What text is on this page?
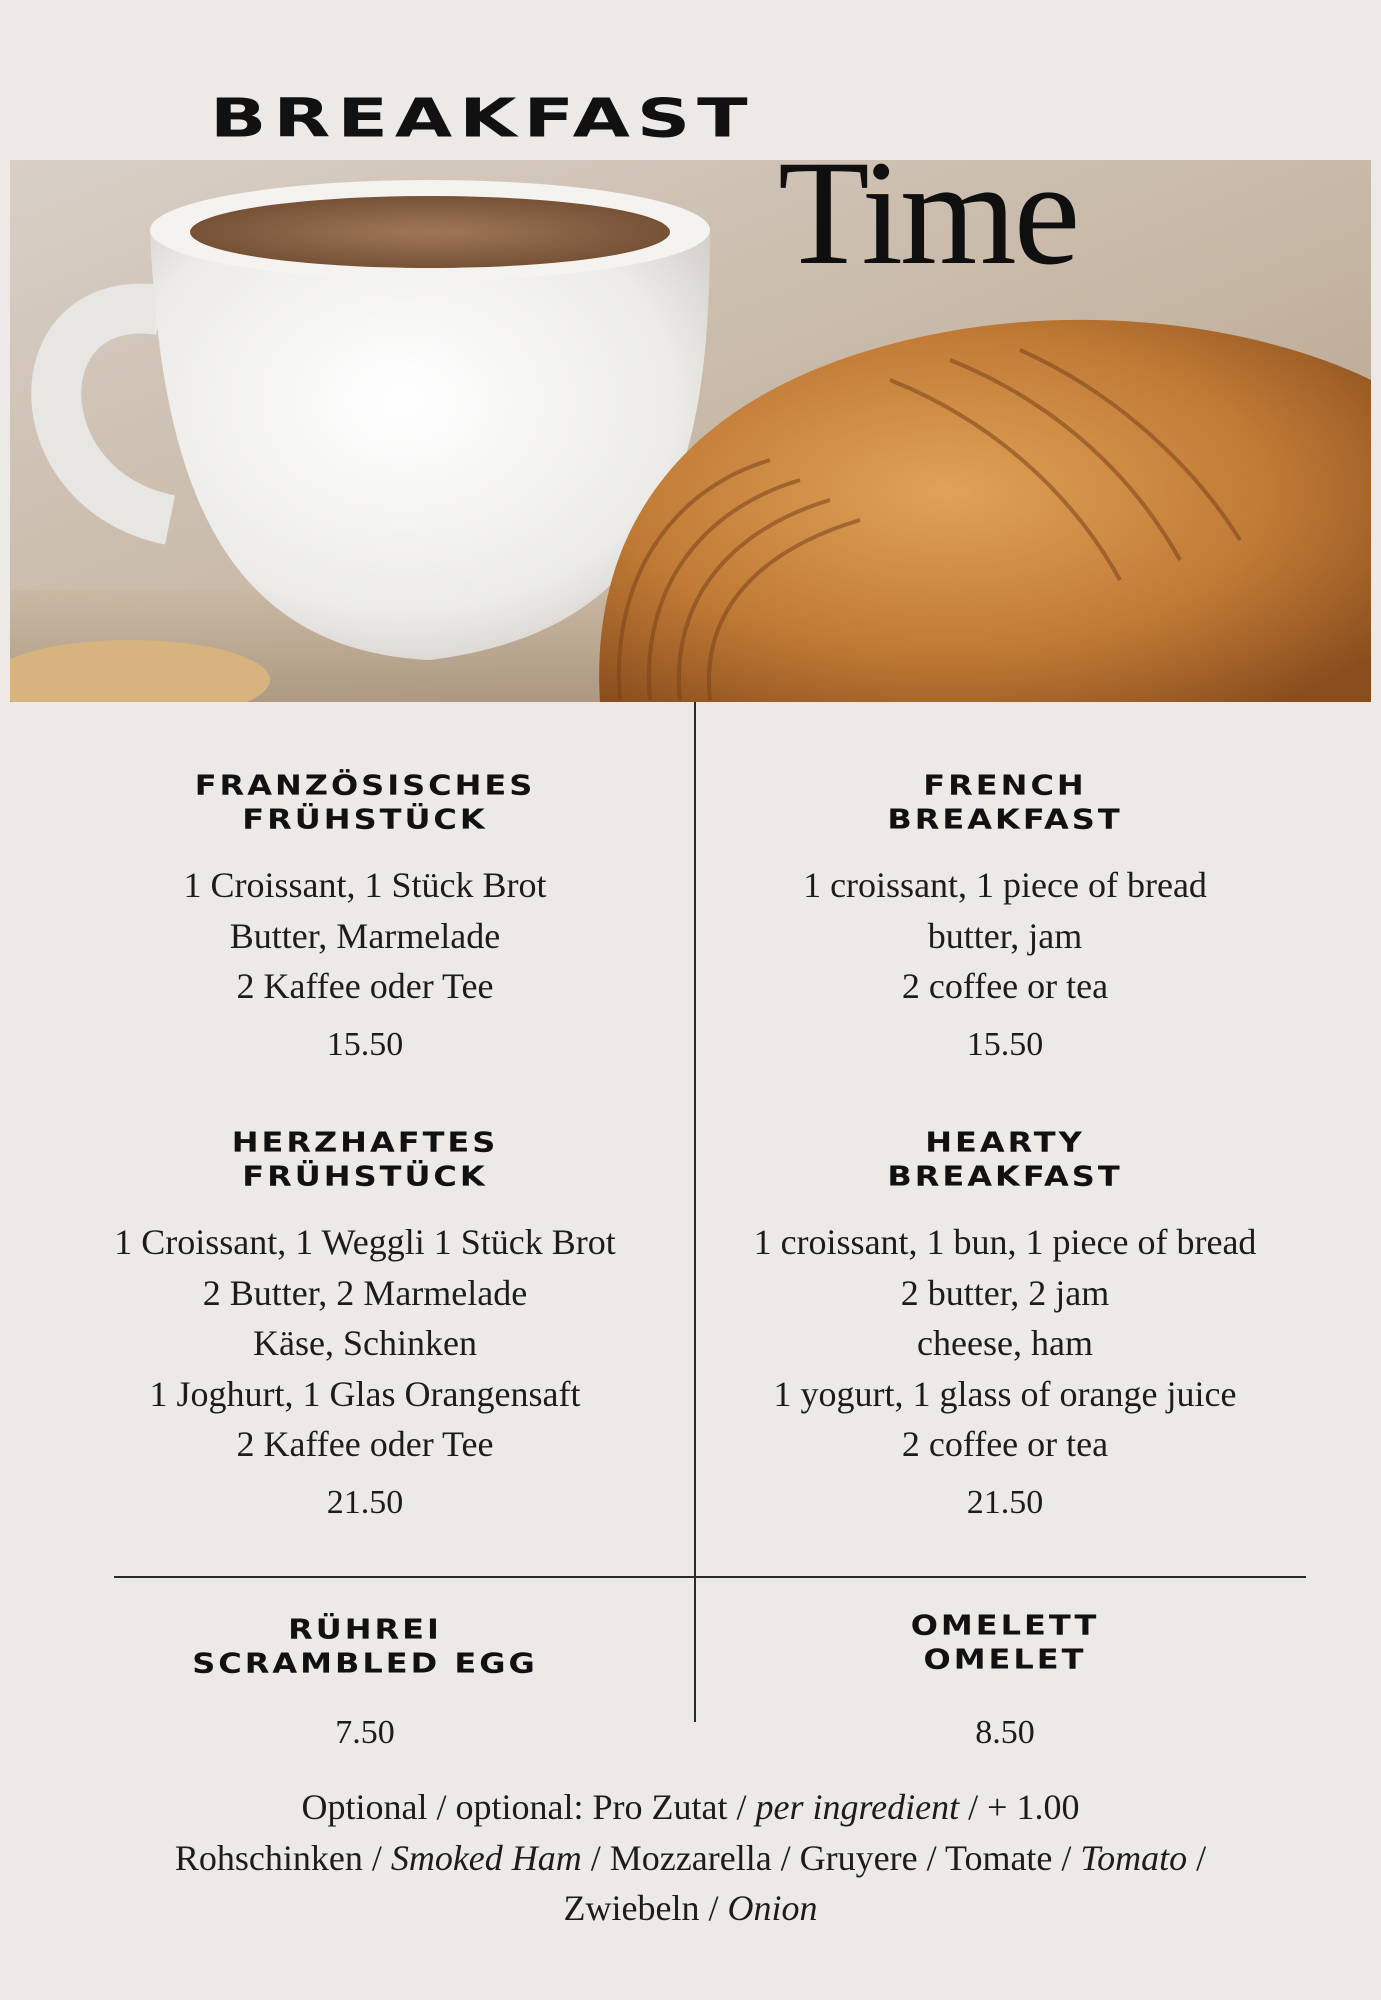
BREAKFAST
Time
FRANZÖSISCHES
FRÜHSTÜCK
1 Croissant, 1 Stück Brot
Butter, Marmelade
2 Kaffee oder Tee
15.50
FRENCH
BREAKFAST
1 croissant, 1 piece of bread
butter, jam
2 coffee or tea
15.50
HERZHAFTES
FRÜHSTÜCK
1 Croissant, 1 Weggli 1 Stück Brot
2 Butter, 2 Marmelade
Käse, Schinken
1 Joghurt, 1 Glas Orangensaft
2 Kaffee oder Tee
21.50
HEARTY
BREAKFAST
1 croissant, 1 bun, 1 piece of bread
2 butter, 2 jam
cheese, ham
1 yogurt, 1 glass of orange juice
2 coffee or tea
21.50
RÜHREI
SCRAMBLED EGG
7.50
OMELETT
OMELET
8.50
Optional / optional: Pro Zutat / per ingredient / + 1.00
Rohschinken / Smoked Ham / Mozzarella / Gruyere / Tomate / Tomato /
Zwiebeln / Onion
